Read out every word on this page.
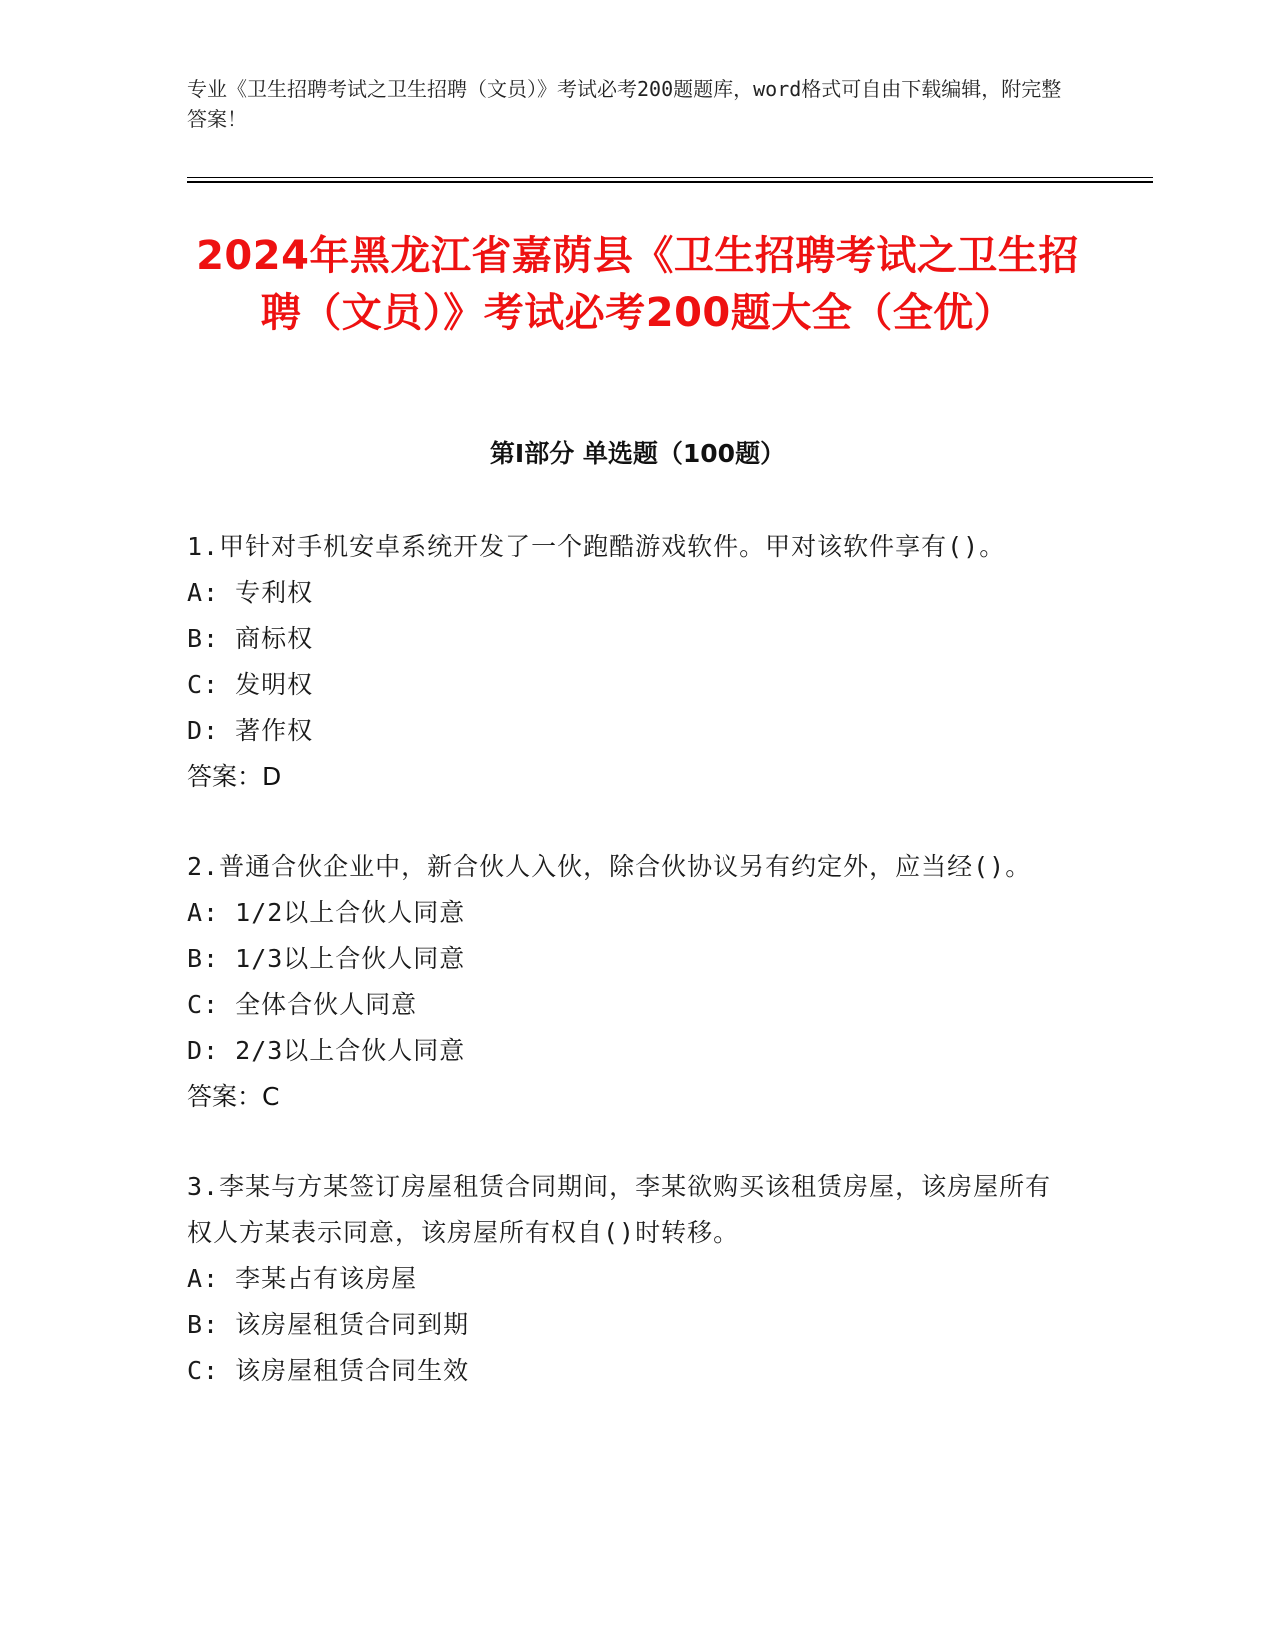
专业《卫生招聘考试之卫生招聘（文员）》考试必考200题题库，word格式可自由下载编辑，附完整答案！
2024年黑龙江省嘉荫县《卫生招聘考试之卫生招聘（文员）》考试必考200题大全（全优）
第I部分 单选题（100题）
1.甲针对手机安卓系统开发了一个跑酷游戏软件。甲对该软件享有()。
A: 专利权
B: 商标权
C: 发明权
D: 著作权
答案：D
2.普通合伙企业中，新合伙人入伙，除合伙协议另有约定外，应当经()。
A: 1/2以上合伙人同意
B: 1/3以上合伙人同意
C: 全体合伙人同意
D: 2/3以上合伙人同意
答案：C
3.李某与方某签订房屋租赁合同期间，李某欲购买该租赁房屋，该房屋所有权人方某表示同意，该房屋所有权自()时转移。
A: 李某占有该房屋
B: 该房屋租赁合同到期
C: 该房屋租赁合同生效
